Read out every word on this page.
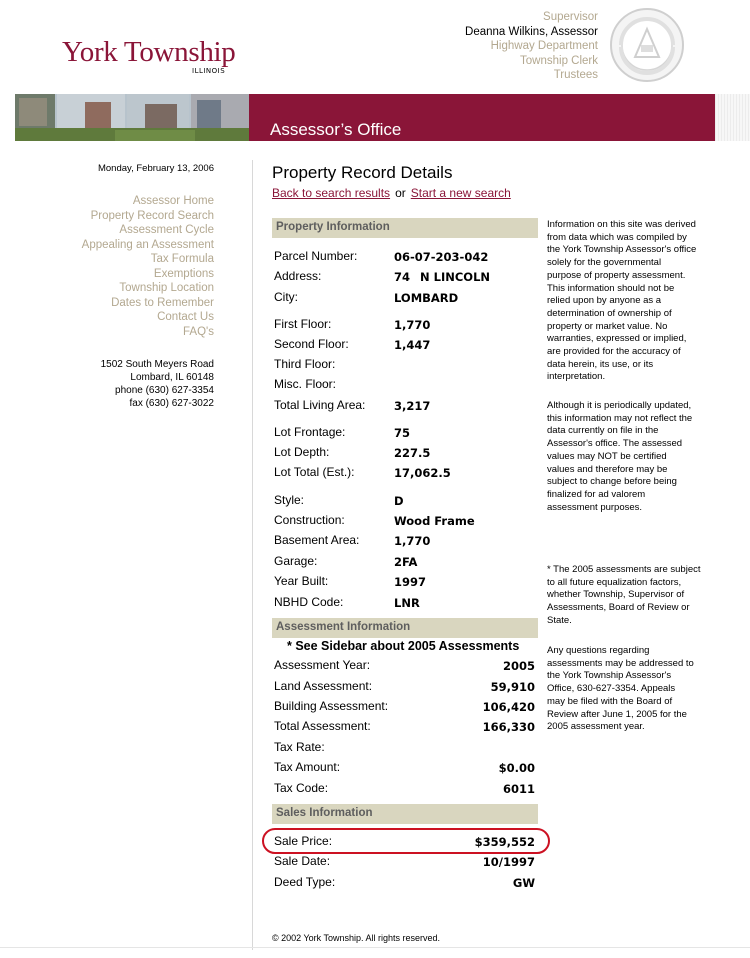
York Township
ILLINOIS
Supervisor
Deanna Wilkins, Assessor
Highway Department
Township Clerk
Trustees
Assessor’s Office
Monday, February 13, 2006
Assessor Home
Property Record Search
Assessment Cycle
Appealing an Assessment
Tax Formula
Exemptions
Township Location
Dates to Remember
Contact Us
FAQ's
1502 South Meyers Road
Lombard, IL 60148
phone (630) 627-3354
fax (630) 627-3022
Property Record Details
Back to search results or Start a new search
Property Information
Parcel Number:	06-07-203-042
Address:	74 N LINCOLN
City:	LOMBARD
First Floor:	1,770
Second Floor:	1,447
Third Floor:
Misc. Floor:
Total Living Area: 3,217
Lot Frontage:	75
Lot Depth:	227.5
Lot Total (Est.):	17,062.5
Style:	D
Construction:	Wood Frame
Basement Area:	1,770
Garage:	2FA
Year Built:	1997
NBHD Code:	LNR
Assessment Information
* See Sidebar about 2005 Assessments
Assessment Year:	2005
Land Assessment:	59,910
Building Assessment:	106,420
Total Assessment:	166,330
Tax Rate:
Tax Amount:	$0.00
Tax Code:	6011
Sales Information
Sale Price:	$359,552
Sale Date:	10/1997
Deed Type:	GW
Information on this site was derived
from data which was compiled by
the York Township Assessor's office
solely for the governmental
purpose of property assessment.
This information should not be
relied upon by anyone as a
determination of ownership of
property or market value. No
warranties, expressed or implied,
are provided for the accuracy of
data herein, its use, or its
interpretation.
Although it is periodically updated,
this information may not reflect the
data currently on file in the
Assessor's office. The assessed
values may NOT be certified
values and therefore may be
subject to change before being
finalized for ad valorem
assessment purposes.
* The 2005 assessments are subject
to all future equalization factors,
whether Township, Supervisor of
Assessments, Board of Review or
State.
Any questions regarding
assessments may be addressed to
the York Township Assessor's
Office, 630-627-3354. Appeals
may be filed with the Board of
Review after June 1, 2005 for the
2005 assessment year.
© 2002 York Township. All rights reserved.
